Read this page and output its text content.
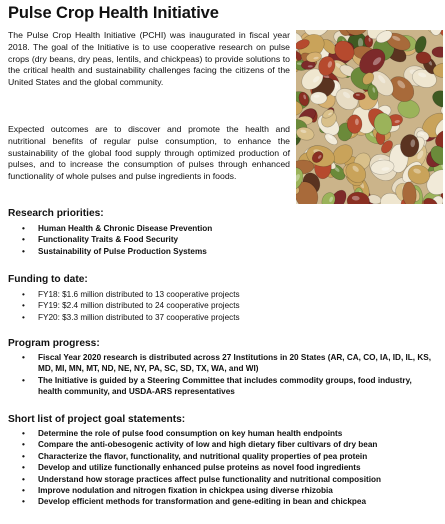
Pulse Crop Health Initiative

The Pulse Crop Health Initiative (PCHI) was inaugurated in fiscal year 2018. The goal of the Initiative is to use cooperative research on pulse crops (dry beans, dry peas, lentils, and chickpeas) to provide solutions to the critical health and sustainability challenges facing the citizens of the United States and the global community.

Expected outcomes are to discover and promote the health and nutritional benefits of regular pulse consumption, to enhance the sustainability of the global food supply through optimized production of pulses, and to increase the consumption of pulses through enhanced functionality of whole pulses and pulse ingredients in foods.

Research priorities:
• Human Health & Chronic Disease Prevention
• Functionality Traits & Food Security
• Sustainability of Pulse Production Systems
Funding to date:
• FY18: $1.6 million distributed to 13 cooperative projects
• FY19: $2.4 million distributed to 24 cooperative projects
• FY20: $3.3 million distributed to 37 cooperative projects
Program progress:
• Fiscal Year 2020 research is distributed across 27 Institutions in 20 States (AR, CA, CO, IA, ID, IL, KS, MD, MI, MN, MT, ND, NE, NY, PA, SC, SD, TX, WA, and WI)
• The Initiative is guided by a Steering Committee that includes commodity groups, food industry, health community, and USDA-ARS representatives
Short list of project goal statements:
• Determine the role of pulse food consumption on key human health endpoints
• Compare the anti-obesogenic activity of low and high dietary fiber cultivars of dry bean
• Characterize the flavor, functionality, and nutritional quality properties of pea protein
• Develop and utilize functionally enhanced pulse proteins as novel food ingredients
• Understand how storage practices affect pulse functionality and nutritional composition
• Improve nodulation and nitrogen fixation in chickpea using diverse rhizobia
• Develop efficient methods for transformation and gene-editing in bean and chickpea
